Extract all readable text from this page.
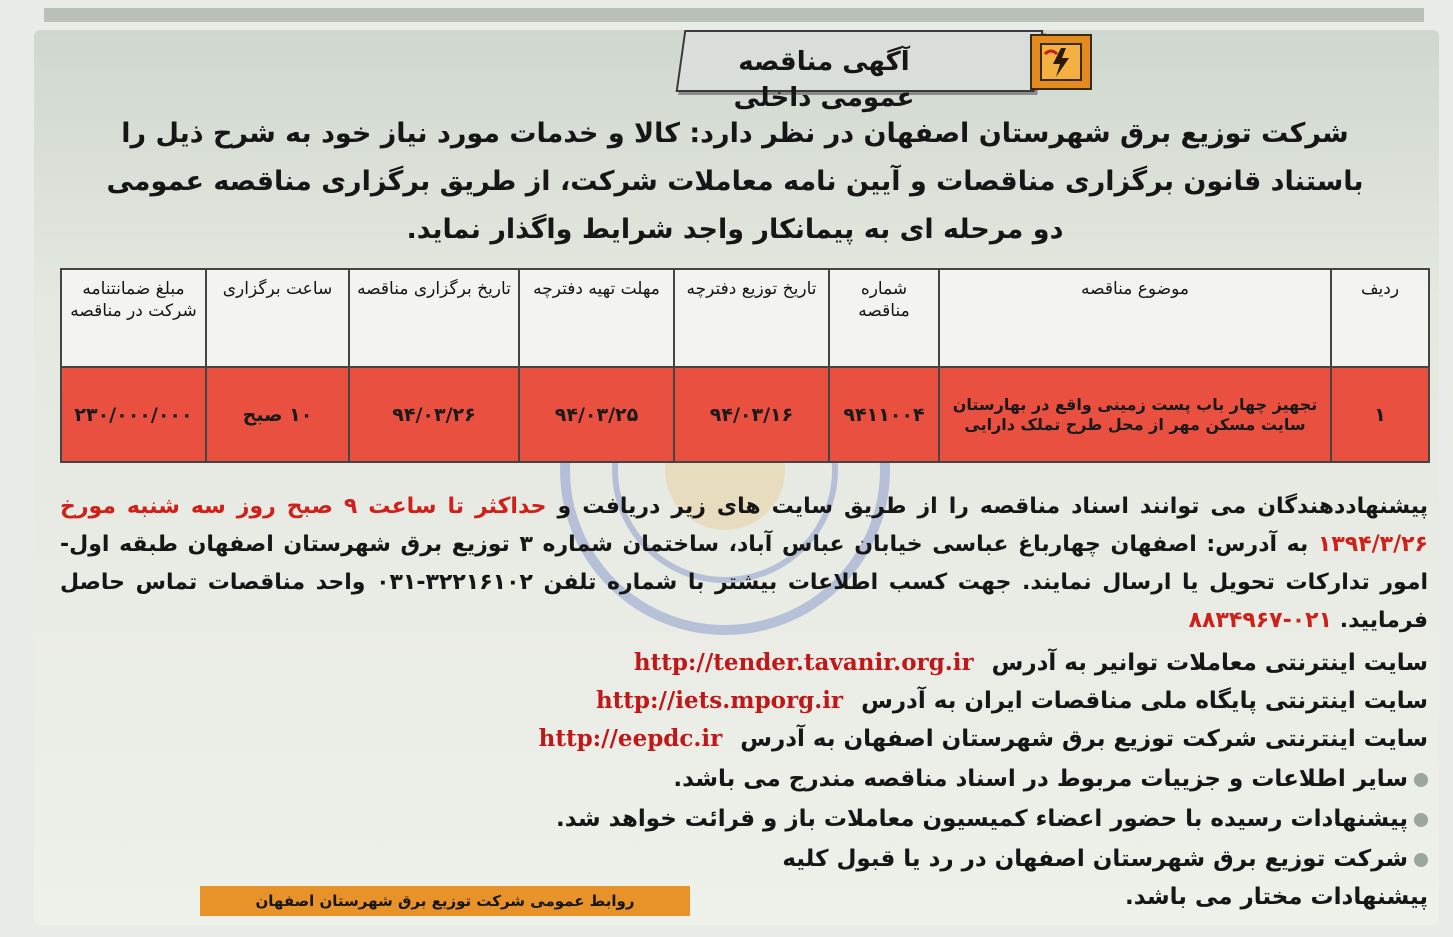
آگهی مناقصه عمومی داخلی

شرکت توزیع برق شهرستان اصفهان در نظر دارد: کالا و خدمات مورد نیاز خود به شرح ذیل را

باستناد قانون برگزاری مناقصات و آیین نامه معاملات شرکت، از طریق برگزاری مناقصه عمومی

دو مرحله ای به پیمانکار واجد شرایط واگذار نماید.

ردیف	موضوع مناقصه	شماره مناقصه	تاریخ توزیع دفترچه	مهلت تهیه دفترچه	تاریخ برگزاری مناقصه	ساعت برگزاری	مبلغ ضمانتنامه شرکت در مناقصه
۱	تجهیز چهار باب پست زمینی واقع در بهارستان سایت مسکن مهر از محل طرح تملک دارایی	۹۴۱۱۰۰۴	۹۴/۰۳/۱۶	۹۴/۰۳/۲۵	۹۴/۰۳/۲۶	۱۰ صبح	۲۳۰/۰۰۰/۰۰۰

پیشنهاددهندگان می توانند اسناد مناقصه را از طریق سایت های زیر دریافت و حداکثر تا ساعت ۹ صبح روز سه شنبه مورخ ۱۳۹۴/۳/۲۶ به آدرس: اصفهان چهارباغ عباسی خیابان عباس آباد، ساختمان شماره ۳ توزیع برق شهرستان اصفهان طبقه اول- امور تدارکات تحویل یا ارسال نمایند. جهت کسب اطلاعات بیشتر با شماره تلفن ۳۲۲۱۶۱۰۲-۰۳۱ واحد مناقصات تماس حاصل فرمایید. ۰۲۱-۸۸۳۴۹۶۷

سایت اینترنتی معاملات توانیر به آدرس http://tender.tavanir.org.ir
سایت اینترنتی پایگاه ملی مناقصات ایران به آدرس http://iets.mporg.ir
سایت اینترنتی شرکت توزیع برق شهرستان اصفهان به آدرس http://eepdc.ir
سایر اطلاعات و جزییات مربوط در اسناد مناقصه مندرج می باشد.
پیشنهادات رسیده با حضور اعضاء کمیسیون معاملات باز و قرائت خواهد شد.
شرکت توزیع برق شهرستان اصفهان در رد یا قبول کلیه پیشنهادات مختار می باشد.
روابط عمومی شرکت توزیع برق شهرستان اصفهان
